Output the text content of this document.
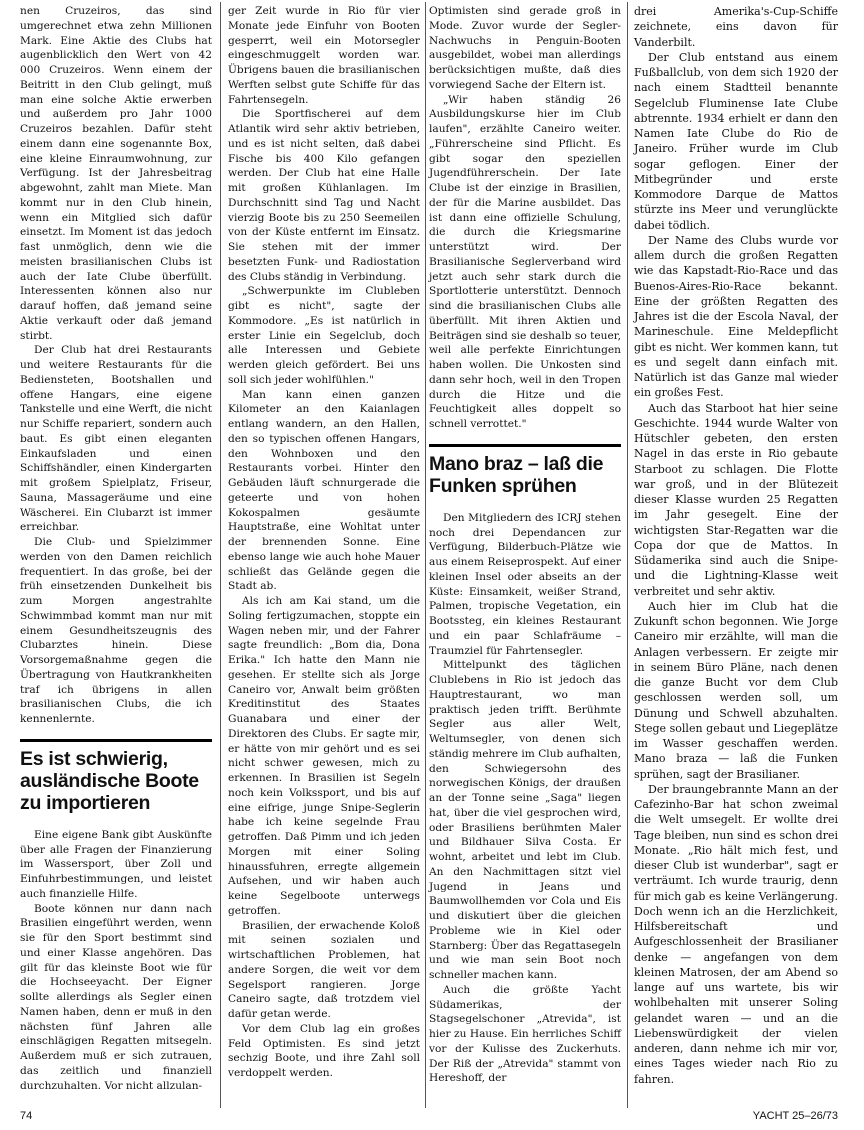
nen Cruzeiros, das sind umgerechnet etwa zehn Millionen Mark. Eine Aktie des Clubs hat augenblicklich den Wert von 42 000 Cruzeiros. Wenn einem der Beitritt in den Club gelingt, muß man eine solche Aktie erwerben und außerdem pro Jahr 1000 Cruzeiros bezahlen. Dafür steht einem dann eine sogenannte Box, eine kleine Einraumwohnung, zur Verfügung. Ist der Jahresbeitrag abgewohnt, zahlt man Miete. Man kommt nur in den Club hinein, wenn ein Mitglied sich dafür einsetzt. Im Moment ist das jedoch fast unmöglich, denn wie die meisten brasilianischen Clubs ist auch der Iate Clube überfüllt. Interessenten können also nur darauf hoffen, daß jemand seine Aktie verkauft oder daß jemand stirbt.

Der Club hat drei Restaurants und weitere Restaurants für die Bediensteten, Bootshallen und offene Hangars, eine eigene Tankstelle und eine Werft, die nicht nur Schiffe repariert, sondern auch baut. Es gibt einen eleganten Einkaufsladen und einen Schiffshändler, einen Kindergarten mit großem Spielplatz, Friseur, Sauna, Massageräume und eine Wäscherei. Ein Clubarzt ist immer erreichbar.

Die Club- und Spielzimmer werden von den Damen reichlich frequentiert. In das große, bei der früh einsetzenden Dunkelheit bis zum Morgen angestrahlte Schwimmbad kommt man nur mit einem Gesundheitszeugnis des Clubarztes hinein. Diese Vorsorgemaßnahme gegen die Übertragung von Hautkrankheiten traf ich übrigens in allen brasilianischen Clubs, die ich kennenlernte.

Es ist schwierig, ausländische Boote zu importieren

Eine eigene Bank gibt Auskünfte über alle Fragen der Finanzierung im Wassersport, über Zoll und Einfuhrbestimmungen, und leistet auch finanzielle Hilfe.

Boote können nur dann nach Brasilien eingeführt werden, wenn sie für den Sport bestimmt sind und einer Klasse angehören. Das gilt für das kleinste Boot wie für die Hochseeyacht. Der Eigner sollte allerdings als Segler einen Namen haben, denn er muß in den nächsten fünf Jahren alle einschlägigen Regatten mitsegeln. Außerdem muß er sich zutrauen, das zeitlich und finanziell durchzuhalten. Vor nicht allzulan-

ger Zeit wurde in Rio für vier Monate jede Einfuhr von Booten gesperrt, weil ein Motorsegler eingeschmuggelt worden war. Übrigens bauen die brasilianischen Werften selbst gute Schiffe für das Fahrtensegeln.

Die Sportfischerei auf dem Atlantik wird sehr aktiv betrieben, und es ist nicht selten, daß dabei Fische bis 400 Kilo gefangen werden. Der Club hat eine Halle mit großen Kühlanlagen. Im Durchschnitt sind Tag und Nacht vierzig Boote bis zu 250 Seemeilen von der Küste entfernt im Einsatz. Sie stehen mit der immer besetzten Funk- und Radiostation des Clubs ständig in Verbindung.

„Schwerpunkte im Clubleben gibt es nicht", sagte der Kommodore. „Es ist natürlich in erster Linie ein Segelclub, doch alle Interessen und Gebiete werden gleich gefördert. Bei uns soll sich jeder wohlfühlen."

Man kann einen ganzen Kilometer an den Kaianlagen entlang wandern, an den Hallen, den so typischen offenen Hangars, den Wohnboxen und den Restaurants vorbei. Hinter den Gebäuden läuft schnurgerade die geteerte und von hohen Kokospalmen gesäumte Hauptstraße, eine Wohltat unter der brennenden Sonne. Eine ebenso lange wie auch hohe Mauer schließt das Gelände gegen die Stadt ab.

Als ich am Kai stand, um die Soling fertigzumachen, stoppte ein Wagen neben mir, und der Fahrer sagte freundlich: „Bom dia, Dona Erika." Ich hatte den Mann nie gesehen. Er stellte sich als Jorge Caneiro vor, Anwalt beim größten Kreditinstitut des Staates Guanabara und einer der Direktoren des Clubs. Er sagte mir, er hätte von mir gehört und es sei nicht schwer gewesen, mich zu erkennen. In Brasilien ist Segeln noch kein Volkssport, und bis auf eine eifrige, junge Snipe-Seglerin habe ich keine segelnde Frau getroffen. Daß Pimm und ich jeden Morgen mit einer Soling hinaussfuhren, erregte allgemein Aufsehen, und wir haben auch keine Segelboote unterwegs getroffen.

Brasilien, der erwachende Koloß mit seinen sozialen und wirtschaftlichen Problemen, hat andere Sorgen, die weit vor dem Segelsport rangieren. Jorge Caneiro sagte, daß trotzdem viel dafür getan werde.

Vor dem Club lag ein großes Feld Optimisten. Es sind jetzt sechzig Boote, und ihre Zahl soll verdoppelt werden.

Optimisten sind gerade groß in Mode. Zuvor wurde der Segler-Nachwuchs in Penguin-Booten ausgebildet, wobei man allerdings berücksichtigen mußte, daß dies vorwiegend Sache der Eltern ist.

„Wir haben ständig 26 Ausbildungskurse hier im Club laufen", erzählte Caneiro weiter. „Führerscheine sind Pflicht. Es gibt sogar den speziellen Jugendführerschein. Der Iate Clube ist der einzige in Brasilien, der für die Marine ausbildet. Das ist dann eine offizielle Schulung, die durch die Kriegsmarine unterstützt wird. Der Brasilianische Seglerverband wird jetzt auch sehr stark durch die Sportlotterie unterstützt. Dennoch sind die brasilianischen Clubs alle überfüllt. Mit ihren Aktien und Beiträgen sind sie deshalb so teuer, weil alle perfekte Einrichtungen haben wollen. Die Unkosten sind dann sehr hoch, weil in den Tropen durch die Hitze und die Feuchtigkeit alles doppelt so schnell verrottet."

Mano braz – laß die Funken sprühen

Den Mitgliedern des ICRJ stehen noch drei Dependancen zur Verfügung, Bilderbuch-Plätze wie aus einem Reiseprospekt. Auf einer kleinen Insel oder abseits an der Küste: Einsamkeit, weißer Strand, Palmen, tropische Vegetation, ein Bootssteg, ein kleines Restaurant und ein paar Schlafräume – Traumziel für Fahrtensegler.

Mittelpunkt des täglichen Clublebens in Rio ist jedoch das Hauptrestaurant, wo man praktisch jeden trifft. Berühmte Segler aus aller Welt, Weltumsegler, von denen sich ständig mehrere im Club aufhalten, den Schwiegersohn des norwegischen Königs, der draußen an der Tonne seine „Saga" liegen hat, über die viel gesprochen wird, oder Brasiliens berühmten Maler und Bildhauer Silva Costa. Er wohnt, arbeitet und lebt im Club. An den Nachmittagen sitzt viel Jugend in Jeans und Baumwollhemden vor Cola und Eis und diskutiert über die gleichen Probleme wie in Kiel oder Starnberg: Über das Regattasegeln und wie man sein Boot noch schneller machen kann.

Auch die größte Yacht Südamerikas, der Stagsegelschoner „Atrevida", ist hier zu Hause. Ein herrliches Schiff vor der Kulisse des Zuckerhuts. Der Riß der „Atrevida" stammt von Hereshoff, der

drei Amerika's-Cup-Schiffe zeichnete, eins davon für Vanderbilt.

Der Club entstand aus einem Fußballclub, von dem sich 1920 der nach einem Stadtteil benannte Segelclub Fluminense Iate Clube abtrennte. 1934 erhielt er dann den Namen Iate Clube do Rio de Janeiro. Früher wurde im Club sogar geflogen. Einer der Mitbegründer und erste Kommodore Darque de Mattos stürzte ins Meer und verunglückte dabei tödlich.

Der Name des Clubs wurde vor allem durch die großen Regatten wie das Kapstadt-Rio-Race und das Buenos-Aires-Rio-Race bekannt. Eine der größten Regatten des Jahres ist die der Escola Naval, der Marineschule. Eine Meldepflicht gibt es nicht. Wer kommen kann, tut es und segelt dann einfach mit. Natürlich ist das Ganze mal wieder ein großes Fest.

Auch das Starboot hat hier seine Geschichte. 1944 wurde Walter von Hütschler gebeten, den ersten Nagel in das erste in Rio gebaute Starboot zu schlagen. Die Flotte war groß, und in der Blütezeit dieser Klasse wurden 25 Regatten im Jahr gesegelt. Eine der wichtigsten Star-Regatten war die Copa dor que de Mattos. In Südamerika sind auch die Snipe- und die Lightning-Klasse weit verbreitet und sehr aktiv.

Auch hier im Club hat die Zukunft schon begonnen. Wie Jorge Caneiro mir erzählte, will man die Anlagen verbessern. Er zeigte mir in seinem Büro Pläne, nach denen die ganze Bucht vor dem Club geschlossen werden soll, um Dünung und Schwell abzuhalten. Stege sollen gebaut und Liegeplätze im Wasser geschaffen werden. Mano braza — laß die Funken sprühen, sagt der Brasilianer.

Der braungebrannte Mann an der Cafezinho-Bar hat schon zweimal die Welt umsegelt. Er wollte drei Tage bleiben, nun sind es schon drei Monate. „Rio hält mich fest, und dieser Club ist wunderbar", sagt er verträumt. Ich wurde traurig, denn für mich gab es keine Verlängerung. Doch wenn ich an die Herzlichkeit, Hilfsbereitschaft und Aufgeschlossenheit der Brasilianer denke — angefangen von dem kleinen Matrosen, der am Abend so lange auf uns wartete, bis wir wohlbehalten mit unserer Soling gelandet waren — und an die Liebenswürdigkeit der vielen anderen, dann nehme ich mir vor, eines Tages wieder nach Rio zu fahren.

74	YACHT 25–26/73
